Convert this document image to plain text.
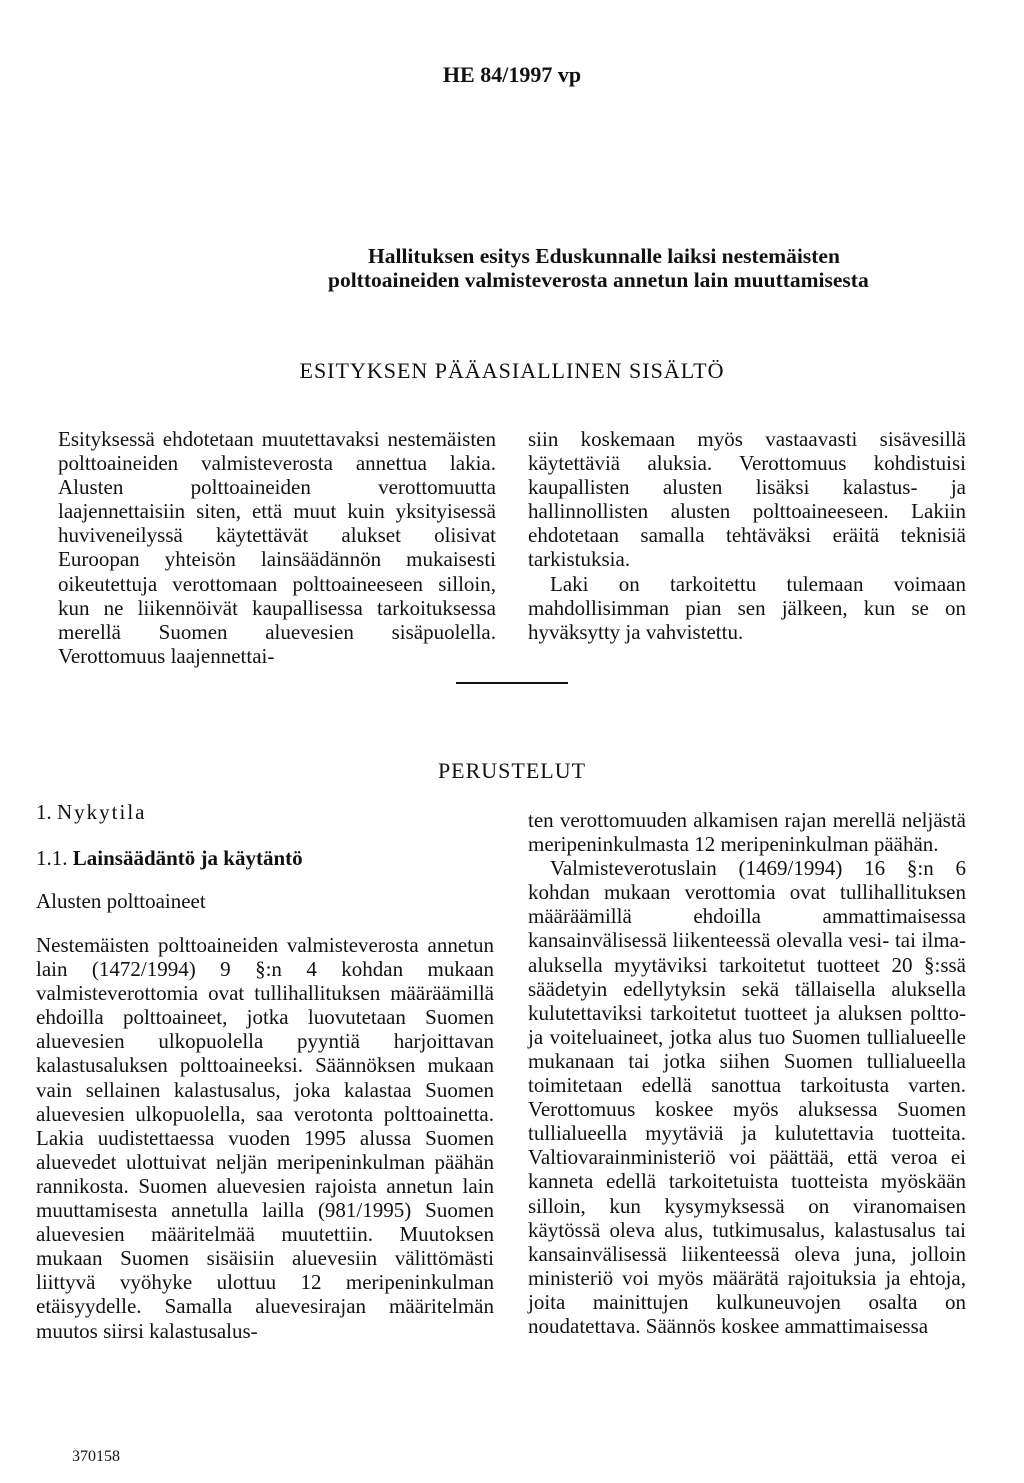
HE 84/1997 vp
Hallituksen esitys Eduskunnalle laiksi nestemäisten polttoaineiden valmisteverosta annetun lain muuttamisesta
ESITYKSEN PÄÄASIALLINEN SISÄLTÖ

Esityksessä ehdotetaan muutettavaksi nestemäisten polttoaineiden valmisteverosta annettua lakia. Alusten polttoaineiden verottomuutta laajennettaisiin siten, että muut kuin yksityisessä huviveneilyssä käytettävät alukset olisivat Euroopan yhteisön lainsäädännön mukaisesti oikeutettuja verottomaan polttoaineeseen silloin, kun ne liikennöivät kaupallisessa tarkoituksessa merellä Suomen aluevesien sisäpuolella. Verottomuus laajennettai-

siin koskemaan myös vastaavasti sisävesillä käytettäviä aluksia. Verottomuus kohdistuisi kaupallisten alusten lisäksi kalastus- ja hallinnollisten alusten polttoaineeseen. Lakiin ehdotetaan samalla tehtäväksi eräitä teknisiä tarkistuksia.

Laki on tarkoitettu tulemaan voimaan mahdollisimman pian sen jälkeen, kun se on hyväksytty ja vahvistettu.

PERUSTELUT
1. Nykytila
1.1. Lainsäädäntö ja käytäntö
Alusten polttoaineet

Nestemäisten polttoaineiden valmisteverosta annetun lain (1472/1994) 9 §:n 4 kohdan mukaan valmisteverottomia ovat tullihallituksen määräämillä ehdoilla polttoaineet, jotka luovutetaan Suomen aluevesien ulkopuolella pyyntiä harjoittavan kalastusaluksen polttoaineeksi. Säännöksen mukaan vain sellainen kalastusalus, joka kalastaa Suomen aluevesien ulkopuolella, saa verotonta polttoainetta. Lakia uudistettaessa vuoden 1995 alussa Suomen aluevedet ulottuivat neljän meripeninkulman päähän rannikosta. Suomen aluevesien rajoista annetun lain muuttamisesta annetulla lailla (981/1995) Suomen aluevesien määritelmää muutettiin. Muutoksen mukaan Suomen sisäisiin aluevesiin välittömästi liittyvä vyöhyke ulottuu 12 meripeninkulman etäisyydelle. Samalla aluevesirajan määritelmän muutos siirsi kalastusalus-

ten verottomuuden alkamisen rajan merellä neljästä meripeninkulmasta 12 meripeninkulman päähän.

Valmisteverotuslain (1469/1994) 16 §:n 6 kohdan mukaan verottomia ovat tullihallituksen määräämillä ehdoilla ammattimaisessa kansainvälisessä liikenteessä olevalla vesi- tai ilma-aluksella myytäviksi tarkoitetut tuotteet 20 §:ssä säädetyin edellytyksin sekä tällaisella aluksella kulutettaviksi tarkoitetut tuotteet ja aluksen poltto- ja voiteluaineet, jotka alus tuo Suomen tullialueelle mukanaan tai jotka siihen Suomen tullialueella toimitetaan edellä sanottua tarkoitusta varten. Verottomuus koskee myös aluksessa Suomen tullialueella myytäviä ja kulutettavia tuotteita. Valtiovarainministeriö voi päättää, että veroa ei kanneta edellä tarkoitetuista tuotteista myöskään silloin, kun kysymyksessä on viranomaisen käytössä oleva alus, tutkimusalus, kalastusalus tai kansainvälisessä liikenteessä oleva juna, jolloin ministeriö voi myös määrätä rajoituksia ja ehtoja, joita mainittujen kulkuneuvojen osalta on noudatettava. Säännös koskee ammattimaisessa

370158
